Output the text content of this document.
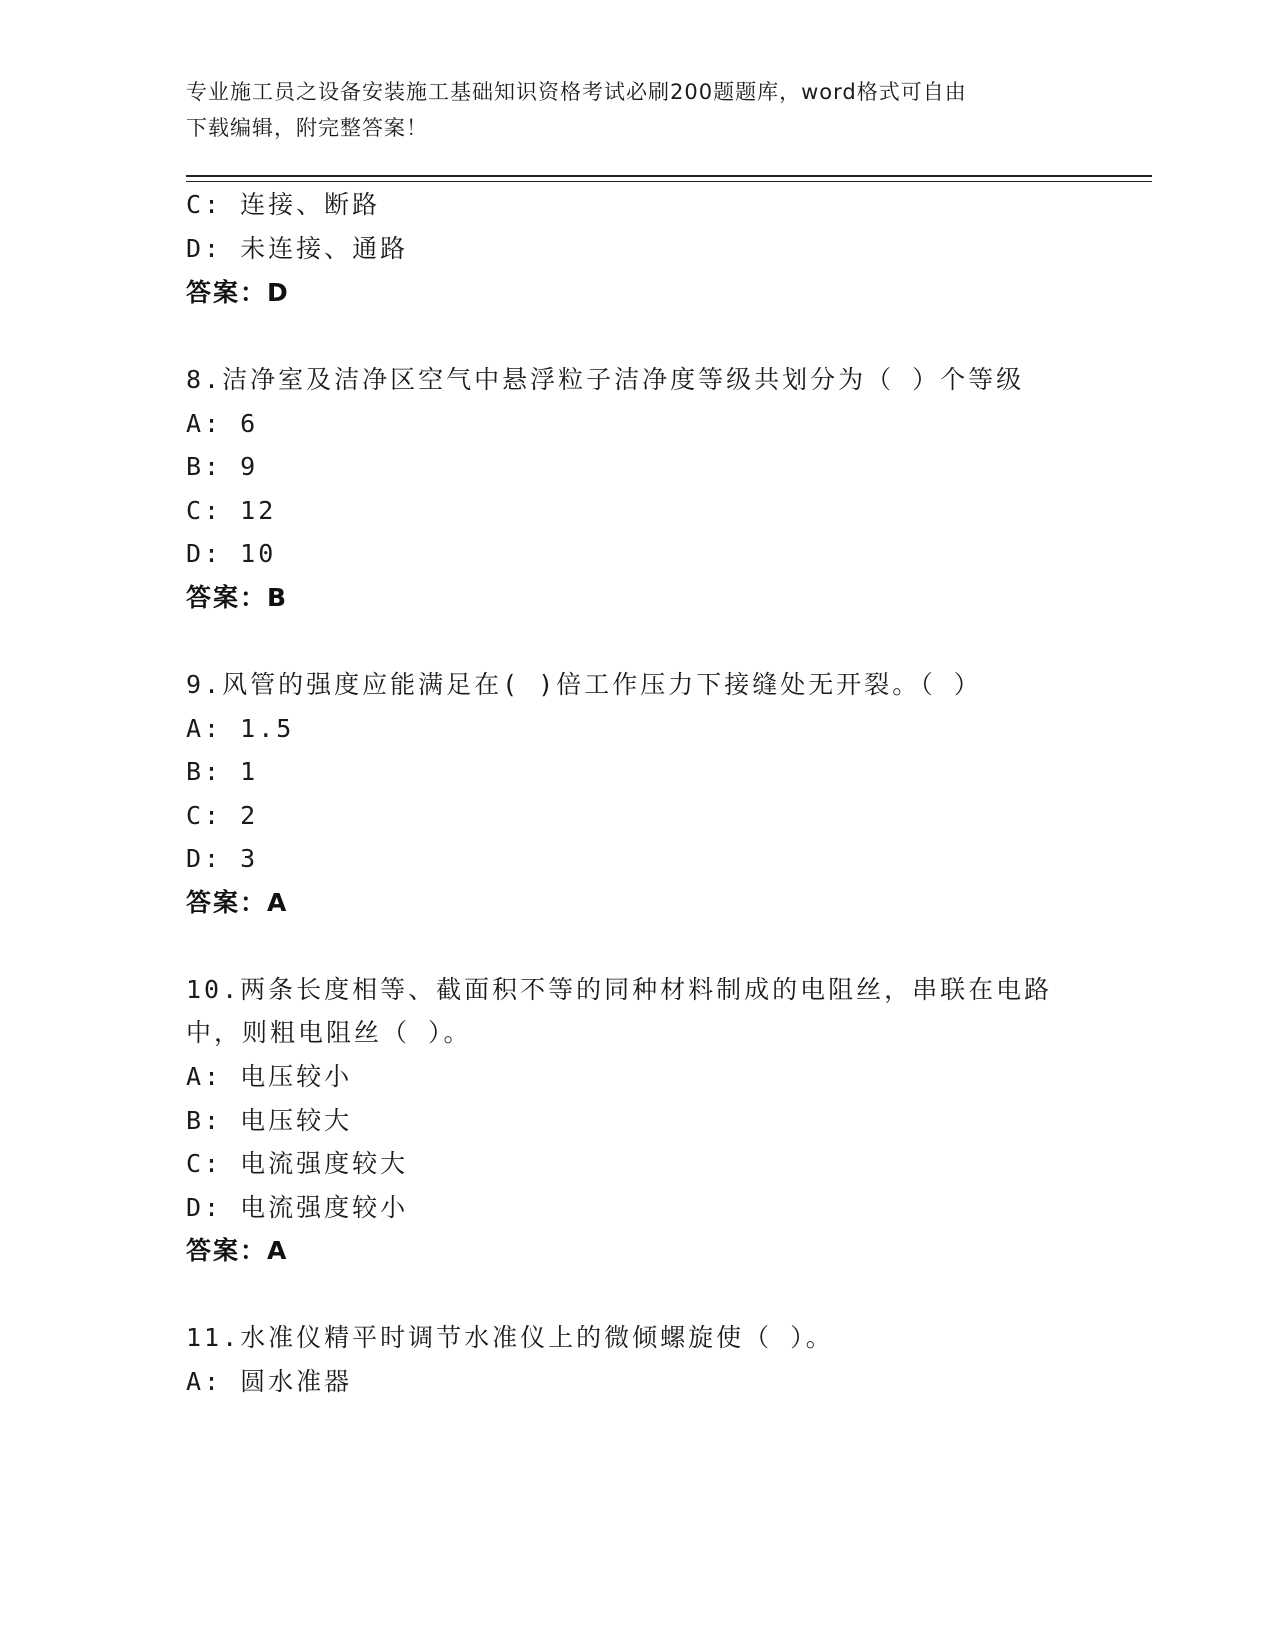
专业施工员之设备安装施工基础知识资格考试必刷200题题库，word格式可自由
下载编辑，附完整答案！
C: 连接、断路
D: 未连接、通路
答案：D
8.洁净室及洁净区空气中悬浮粒子洁净度等级共划分为（ ）个等级
A: 6
B: 9
C: 12
D: 10
答案：B
9.风管的强度应能满足在( )倍工作压力下接缝处无开裂。（ ）
A: 1.5
B: 1
C: 2
D: 3
答案：A
10.两条长度相等、截面积不等的同种材料制成的电阻丝，串联在电路
中，则粗电阻丝（ ）。
A: 电压较小
B: 电压较大
C: 电流强度较大
D: 电流强度较小
答案：A
11.水准仪精平时调节水准仪上的微倾螺旋使（ ）。
A: 圆水准器
